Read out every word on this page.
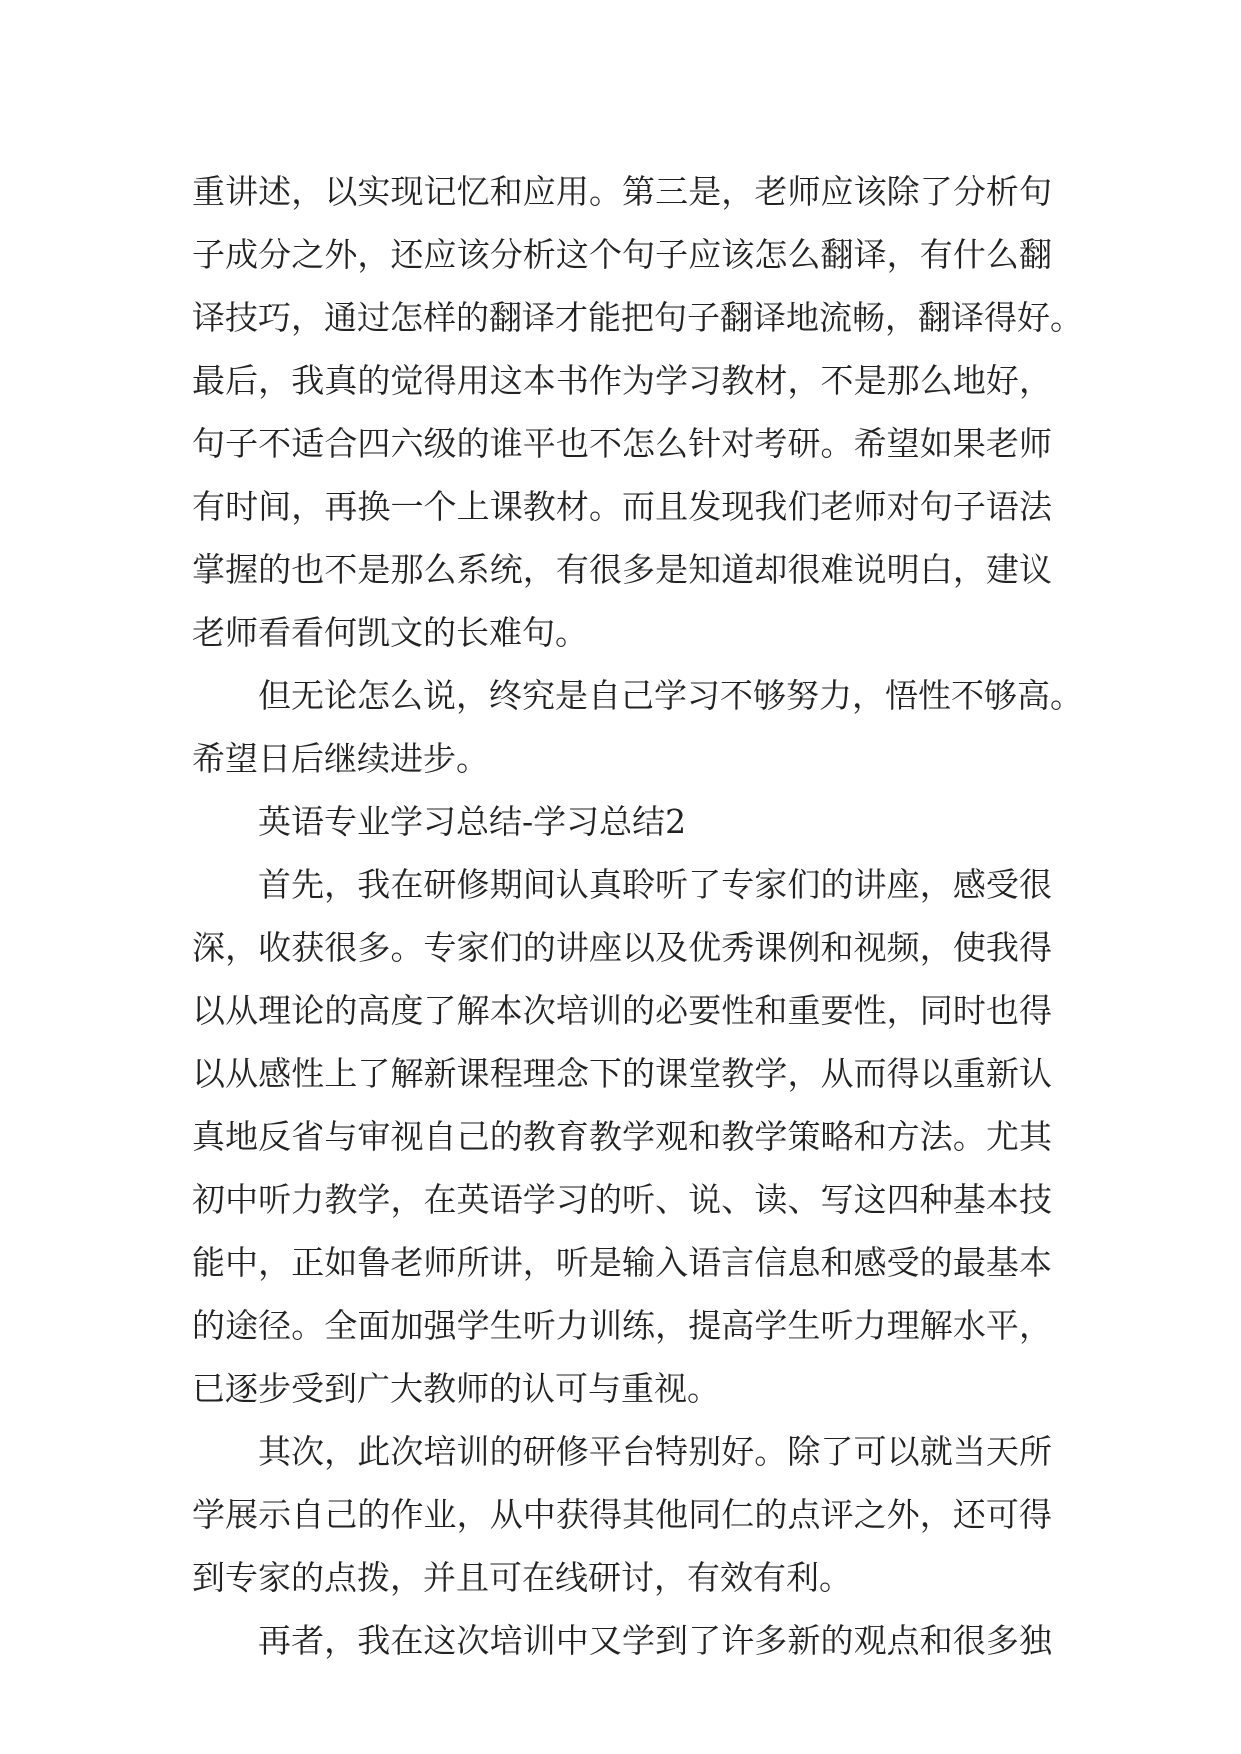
重讲述，以实现记忆和应用。第三是，老师应该除了分析句

子成分之外，还应该分析这个句子应该怎么翻译，有什么翻

译技巧，通过怎样的翻译才能把句子翻译地流畅，翻译得好。

最后，我真的觉得用这本书作为学习教材，不是那么地好，

句子不适合四六级的谁平也不怎么针对考研。希望如果老师

有时间，再换一个上课教材。而且发现我们老师对句子语法

掌握的也不是那么系统，有很多是知道却很难说明白，建议

老师看看何凯文的长难句。

但无论怎么说，终究是自己学习不够努力，悟性不够高。

希望日后继续进步。

英语专业学习总结-学习总结2

首先，我在研修期间认真聆听了专家们的讲座，感受很

深，收获很多。专家们的讲座以及优秀课例和视频，使我得

以从理论的高度了解本次培训的必要性和重要性，同时也得

以从感性上了解新课程理念下的课堂教学，从而得以重新认

真地反省与审视自己的教育教学观和教学策略和方法。尤其

初中听力教学，在英语学习的听、说、读、写这四种基本技

能中，正如鲁老师所讲，听是输入语言信息和感受的最基本

的途径。全面加强学生听力训练，提高学生听力理解水平，

已逐步受到广大教师的认可与重视。

其次，此次培训的研修平台特别好。除了可以就当天所

学展示自己的作业，从中获得其他同仁的点评之外，还可得

到专家的点拨，并且可在线研讨，有效有利。

再者，我在这次培训中又学到了许多新的观点和很多独
